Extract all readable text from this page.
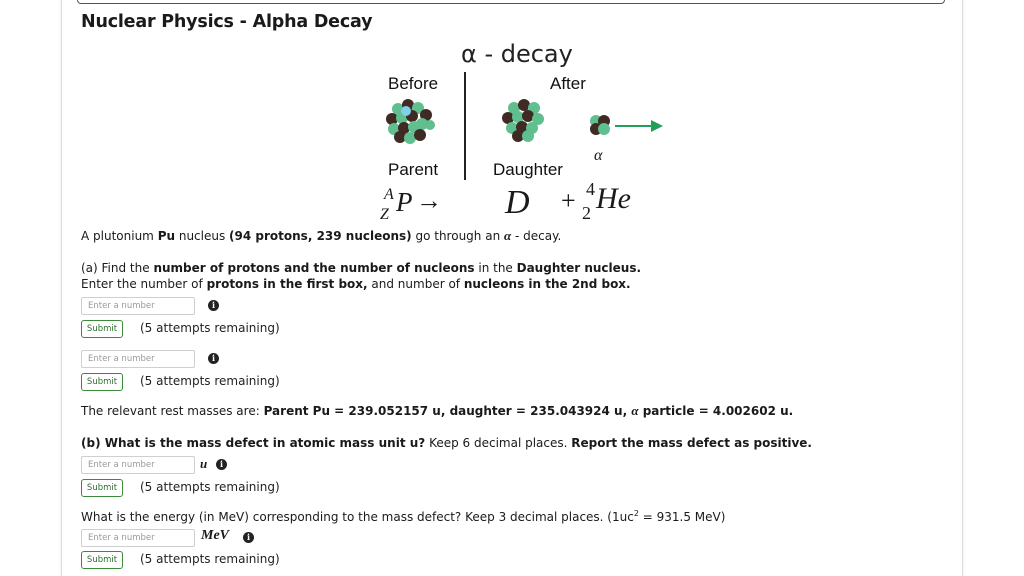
Nuclear Physics - Alpha Decay
α - decay
Before	After
α
Parent	Daughter
A
Z P → D + 4
2 He
A plutonium Pu nucleus (94 protons, 239 nucleons) go through an α - decay.
(a) Find the number of protons and the number of nucleons in the Daughter nucleus.
Enter the number of protons in the first box, and number of nucleons in the 2nd box.
Enter a number
i
Submit	(5 attempts remaining)
Enter a number
i
Submit	(5 attempts remaining)
The relevant rest masses are: Parent Pu = 239.052157 u, daughter = 235.043924 u, α particle = 4.002602 u.
(b) What is the mass defect in atomic mass unit u? Keep 6 decimal places. Report the mass defect as positive.
Enter a number
u	i
Submit	(5 attempts remaining)
What is the energy (in MeV) corresponding to the mass defect? Keep 3 decimal places. ($1uc^2 = 931.5$ MeV)
Enter a number
MeV	i
Submit	(5 attempts remaining)
